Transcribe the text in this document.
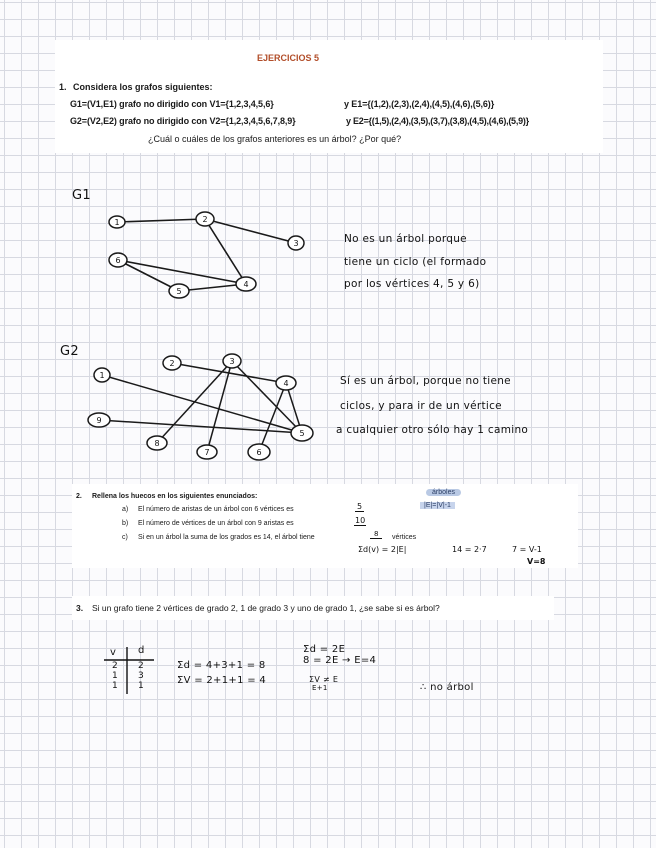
EJERCICIOS 5
1. Considera los grafos siguientes:
G1=(V1,E1) grafo no dirigido con V1={1,2,3,4,5,6}	y E1={(1,2),(2,3),(2,4),(4,5),(4,6),(5,6)}
G2=(V2,E2) grafo no dirigido con V2={1,2,3,4,5,6,7,8,9}	y E2={(1,5),(2,4),(3,5),(3,7),(3,8),(4,5),(4,6),(5,9)}
¿Cuál o cuáles de los grafos anteriores es un árbol? ¿Por qué?
G1
1	2
3
4
5
6
No es un árbol porque
tiene un ciclo (el formado
por los vértices 4, 5 y 6)
G2
1
2	3
4
5
6
7
8
9
Sí es un árbol, porque no tiene
ciclos, y para ir de un vértice
a cualquier otro sólo hay 1 camino
2. Rellena los huecos en los siguientes enunciados:
árboles
|E|=|V|-1
a) El número de aristas de un árbol con 6 vértices es	5
b) El número de vértices de un árbol con 9 aristas es	10
c) Si en un árbol la suma de los grados es 14, el árbol tiene	8	vértices
Σd(v) = 2|E|	14 = 2·7	7 = V-1
V=8
3. Si un grafo tiene 2 vértices de grado 2, 1 de grado 3 y uno de grado 1, ¿se sabe si es árbol?
v d
2 2
1 3
1 1
Σd = 4+3+1 = 8
ΣV = 2+1+1 = 4
Σd = 2E
8 = 2E → E=4
ΣV ≠ E
E+1	∴ no árbol
